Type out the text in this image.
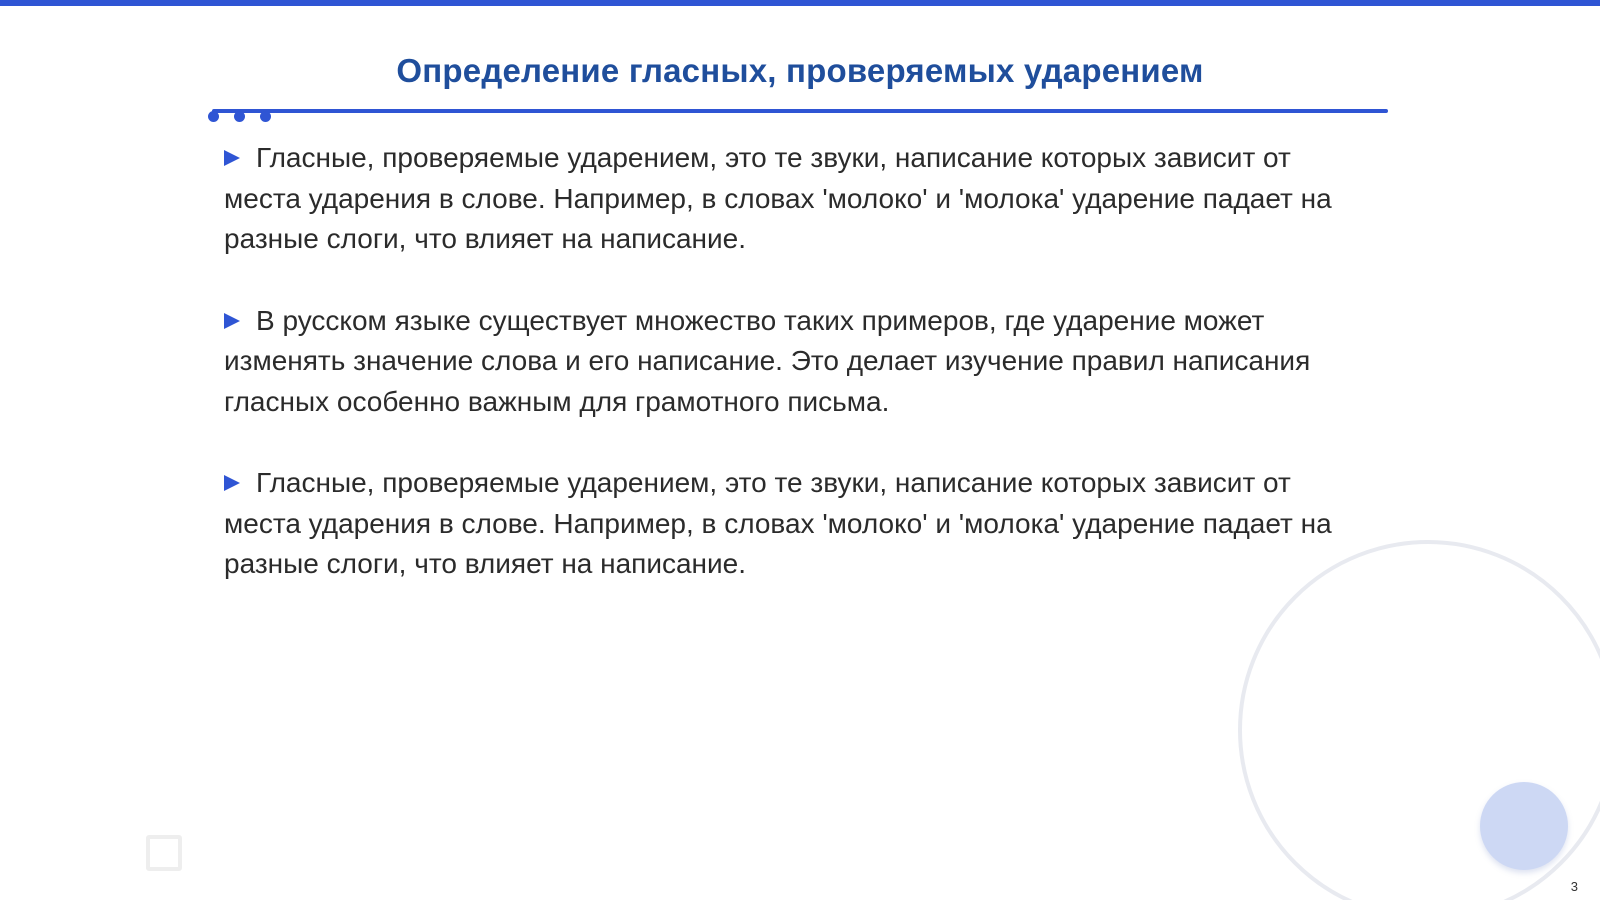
Определение гласных, проверяемых ударением

Гласные, проверяемые ударением, это те звуки, написание которых зависит от места ударения в слове. Например, в словах 'молоко' и 'молока' ударение падает на разные слоги, что влияет на написание.

В русском языке существует множество таких примеров, где ударение может изменять значение слова и его написание. Это делает изучение правил написания гласных особенно важным для грамотного письма.

Гласные, проверяемые ударением, это те звуки, написание которых зависит от места ударения в слове. Например, в словах 'молоко' и 'молока' ударение падает на разные слоги, что влияет на написание.

3
